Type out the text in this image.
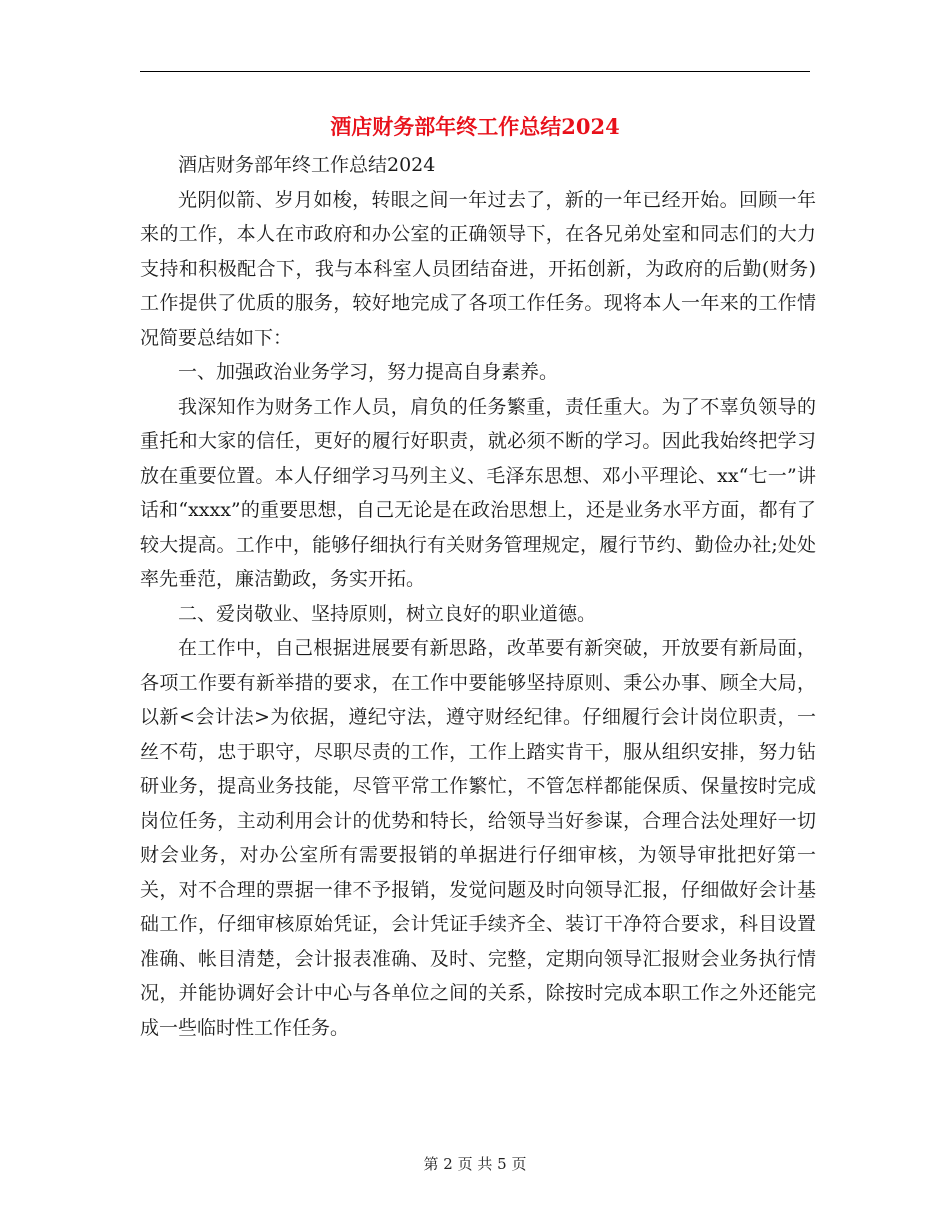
酒店财务部年终工作总结2024

酒店财务部年终工作总结2024

光阴似箭、岁月如梭，转眼之间一年过去了，新的一年已经开始。回顾一年来的工作，本人在市政府和办公室的正确领导下，在各兄弟处室和同志们的大力支持和积极配合下，我与本科室人员团结奋进，开拓创新，为政府的后勤(财务)工作提供了优质的服务，较好地完成了各项工作任务。现将本人一年来的工作情况简要总结如下：

一、加强政治业务学习，努力提高自身素养。

我深知作为财务工作人员，肩负的任务繁重，责任重大。为了不辜负领导的重托和大家的信任，更好的履行好职责，就必须不断的学习。因此我始终把学习放在重要位置。本人仔细学习马列主义、毛泽东思想、邓小平理论、xx“七一”讲话和“xxxx”的重要思想，自己无论是在政治思想上，还是业务水平方面，都有了较大提高。工作中，能够仔细执行有关财务管理规定，履行节约、勤俭办社;处处率先垂范，廉洁勤政，务实开拓。

二、爱岗敬业、坚持原则，树立良好的职业道德。

在工作中，自己根据进展要有新思路，改革要有新突破，开放要有新局面，各项工作要有新举措的要求，在工作中要能够坚持原则、秉公办事、顾全大局，以新<会计法>为依据，遵纪守法，遵守财经纪律。仔细履行会计岗位职责，一丝不苟，忠于职守，尽职尽责的工作，工作上踏实肯干，服从组织安排，努力钻研业务，提高业务技能，尽管平常工作繁忙，不管怎样都能保质、保量按时完成岗位任务，主动利用会计的优势和特长，给领导当好参谋，合理合法处理好一切财会业务，对办公室所有需要报销的单据进行仔细审核，为领导审批把好第一关，对不合理的票据一律不予报销，发觉问题及时向领导汇报，仔细做好会计基础工作，仔细审核原始凭证，会计凭证手续齐全、装订干净符合要求，科目设置准确、帐目清楚，会计报表准确、及时、完整，定期向领导汇报财会业务执行情况，并能协调好会计中心与各单位之间的关系，除按时完成本职工作之外还能完成一些临时性工作任务。

第 2 页 共 5 页
